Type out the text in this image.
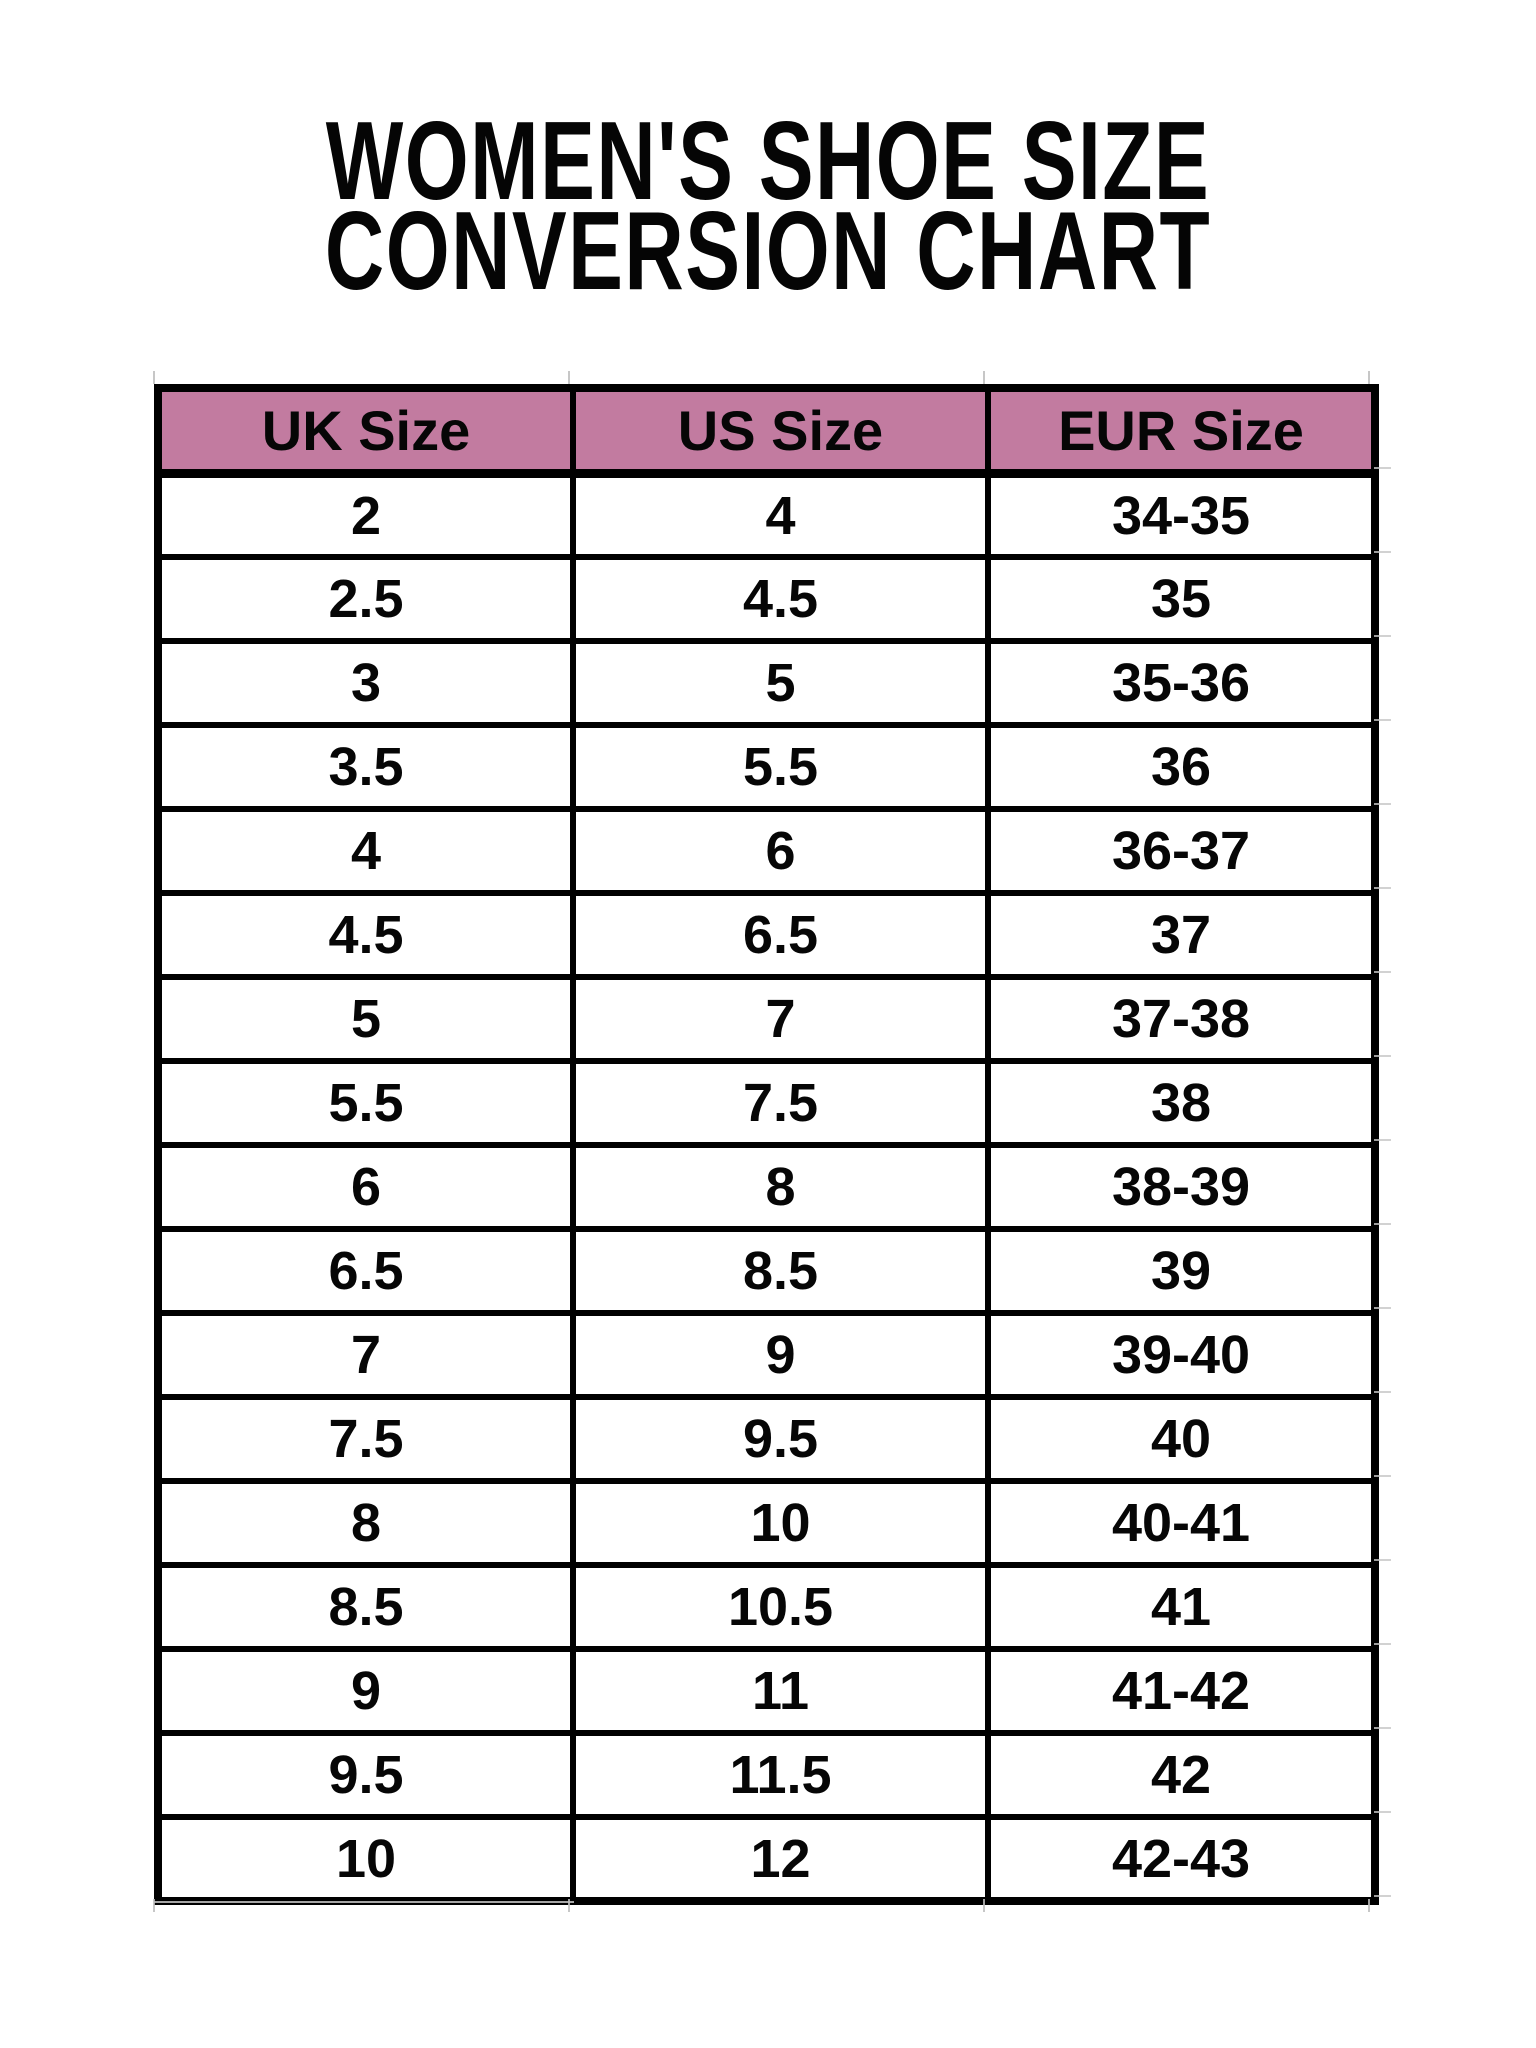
WOMEN'S SHOE SIZE
CONVERSION CHART
UK Size	US Size	EUR Size
2	4	34-35
2.5	4.5	35
3	5	35-36
3.5	5.5	36
4	6	36-37
4.5	6.5	37
5	7	37-38
5.5	7.5	38
6	8	38-39
6.5	8.5	39
7	9	39-40
7.5	9.5	40
8	10	40-41
8.5	10.5	41
9	11	41-42
9.5	11.5	42
10	12	42-43
